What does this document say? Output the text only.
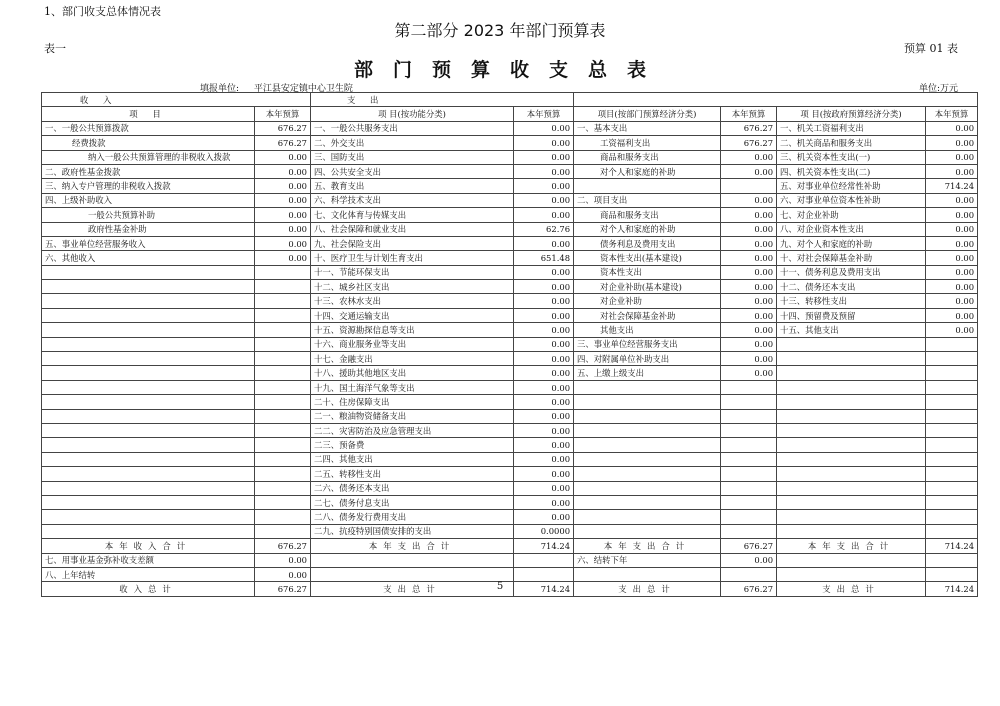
1、部门收支总体情况表
第二部分 2023 年部门预算表
表一	预算 01 表
部门预算收支总表
填报单位: 平江县安定镇中心卫生院	单位:万元
收 入		支 出					
项 目	本年预算	项 目(按功能分类)	本年预算	项目(按部门预算经济分类)	本年预算	项 目(按政府预算经济分类)	本年预算
一、一般公共预算拨款	676.27	一、一般公共服务支出	0.00	一、基本支出	676.27	一、机关工资福利支出	0.00
经费拨款	676.27	二、外交支出	0.00	工资福利支出	676.27	二、机关商品和服务支出	0.00
纳入一般公共预算管理的非税收入拨款	0.00	三、国防支出	0.00	商品和服务支出	0.00	三、机关资本性支出(一)	0.00
二、政府性基金拨款	0.00	四、公共安全支出	0.00	对个人和家庭的补助	0.00	四、机关资本性支出(二)	0.00
三、纳入专户管理的非税收入拨款	0.00	五、教育支出	0.00			五、对事业单位经常性补助	714.24
四、上级补助收入	0.00	六、科学技术支出	0.00	二、项目支出	0.00	六、对事业单位资本性补助	0.00
一般公共预算补助	0.00	七、文化体育与传媒支出	0.00	商品和服务支出	0.00	七、对企业补助	0.00
政府性基金补助	0.00	八、社会保障和就业支出	62.76	对个人和家庭的补助	0.00	八、对企业资本性支出	0.00
五、事业单位经营服务收入	0.00	九、社会保险支出	0.00	债务利息及费用支出	0.00	九、对个人和家庭的补助	0.00
六、其他收入	0.00	十、医疗卫生与计划生育支出	651.48	资本性支出(基本建设)	0.00	十、对社会保障基金补助	0.00
		十一、节能环保支出	0.00	资本性支出	0.00	十一、债务利息及费用支出	0.00
		十二、城乡社区支出	0.00	对企业补助(基本建设)	0.00	十二、债务还本支出	0.00
		十三、农林水支出	0.00	对企业补助	0.00	十三、转移性支出	0.00
		十四、交通运输支出	0.00	对社会保障基金补助	0.00	十四、预留费及预留	0.00
		十五、资源勘探信息等支出	0.00	其他支出	0.00	十五、其他支出	0.00
		十六、商业服务业等支出	0.00	三、事业单位经营服务支出	0.00		
		十七、金融支出	0.00	四、对附属单位补助支出	0.00		
		十八、援助其他地区支出	0.00	五、上缴上级支出	0.00		
		十九、国土海洋气象等支出	0.00				
		二十、住房保障支出	0.00				
		二一、粮油物资储备支出	0.00				
		二二、灾害防治及应急管理支出	0.00				
		二三、预备费	0.00				
		二四、其他支出	0.00				
		二五、转移性支出	0.00				
		二六、债务还本支出	0.00				
		二七、债务付息支出	0.00				
		二八、债务发行费用支出	0.00				
		二九、抗疫特别国债安排的支出	0.0000				
本年收入合计	676.27	本年支出合计	714.24	本年支出合计	676.27	本年支出合计	714.24
七、用事业基金弥补收支差额	0.00			六、结转下年	0.00		
八、上年结转	0.00						
收入总计	676.27	支出总计	714.24	支出总计	676.27	支出总计	714.24
5
